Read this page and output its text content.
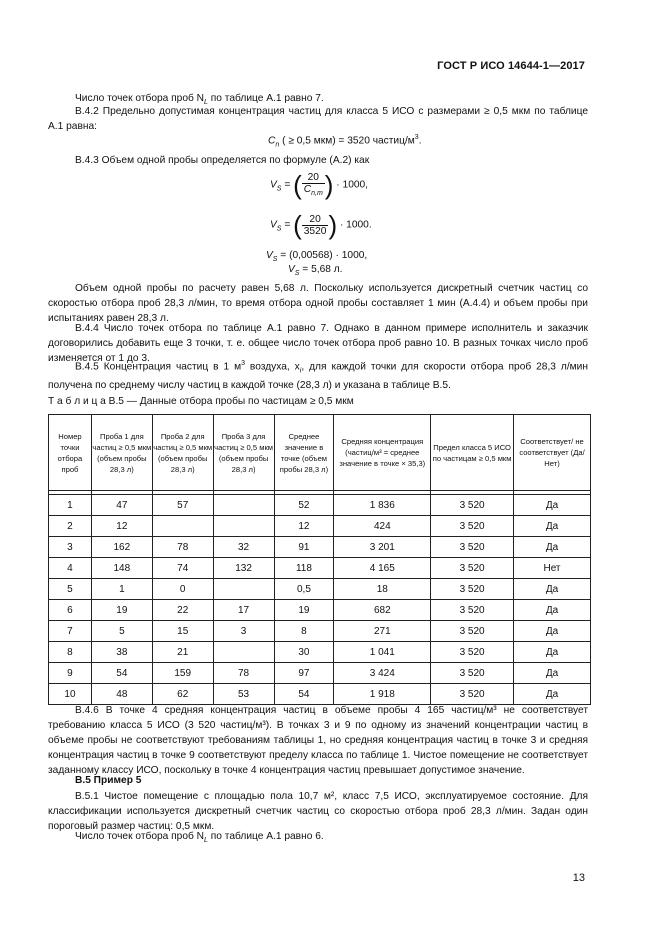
ГОСТ Р ИСО 14644-1—2017
Число точек отбора проб $N_L$ по таблице А.1 равно 7.
В.4.2 Предельно допустимая концентрация частиц для класса 5 ИСО с размерами ≥ 0,5 мкм по таблице А.1 равна:
$C_n$ ( ≥ 0,5 мкм) = 3520 частиц/$м^3$.
В.4.3 Объем одной пробы определяется по формуле (А.2) как
$V_S$ = ( $\frac{20}{C_{n,m}}$ ) · 1000,
$V_S$ = ( $\frac{20}{3520}$ ) · 1000.
$V_S = (0,00568) \cdot 1000$,
$V_S = 5,68$ л.
Объем одной пробы по расчету равен 5,68 л. Поскольку используется дискретный счетчик частиц со скоростью отбора проб 28,3 л/мин, то время отбора одной пробы составляет 1 мин (А.4.4) и объем пробы при испытаниях равен 28,3 л.
В.4.4 Число точек отбора по таблице А.1 равно 7. Однако в данном примере исполнитель и заказчик договорились добавить еще 3 точки, т. е. общее число точек отбора проб равно 10. В разных точках число проб изменяется от 1 до 3.
В.4.5 Концентрация частиц в 1 $м^3$ воздуха, $x_i$, для каждой точки для скорости отбора проб 28,3 л/мин получена по среднему числу частиц в каждой точке (28,3 л) и указана в таблице В.5.
Т а б л и ц а В.5 — Данные отбора пробы по частицам ≥ 0,5 мкм
Номер точки отбора проб	Проба 1 для частиц ≥ 0,5 мкм (объем пробы 28,3 л)	Проба 2 для частиц ≥ 0,5 мкм (объем пробы 28,3 л)	Проба 3 для частиц ≥ 0,5 мкм (объем пробы 28,3 л)	Среднее значение в точке (объем пробы 28,3 л)	Средняя концентрация (частиц/м³ = среднее значение в точке × 35,3)	Предел класса 5 ИСО по частицам ≥ 0,5 мкм	Соответствует/ не соответствует (Да/Нет)

1	47	57		52	1 836	3 520	Да
2	12			12	424	3 520	Да
3	162	78	32	91	3 201	3 520	Да
4	148	74	132	118	4 165	3 520	Нет
5	1	0		0,5	18	3 520	Да
6	19	22	17	19	682	3 520	Да
7	5	15	3	8	271	3 520	Да
8	38	21		30	1 041	3 520	Да
9	54	159	78	97	3 424	3 520	Да
10	48	62	53	54	1 918	3 520	Да
В.4.6 В точке 4 средняя концентрация частиц в объеме пробы 4 165 частиц/м³ не соответствует требованию класса 5 ИСО (3 520 частиц/м³). В точках 3 и 9 по одному из значений концентрации частиц в объеме пробы не соответствуют требованиям таблицы 1, но средняя концентрация частиц в точке 3 и средняя концентрация частиц в точке 9 соответствуют пределу класса по таблице 1. Чистое помещение не соответствует заданному классу ИСО, поскольку в точке 4 концентрация частиц превышает допустимое значение.
В.5 Пример 5
В.5.1 Чистое помещение с площадью пола 10,7 м², класс 7,5 ИСО, эксплуатируемое состояние. Для классификации используется дискретный счетчик частиц со скоростью отбора проб 28,3 л/мин. Задан один пороговый размер частиц: 0,5 мкм.
Число точек отбора проб $N_L$ по таблице А.1 равно 6.
13
